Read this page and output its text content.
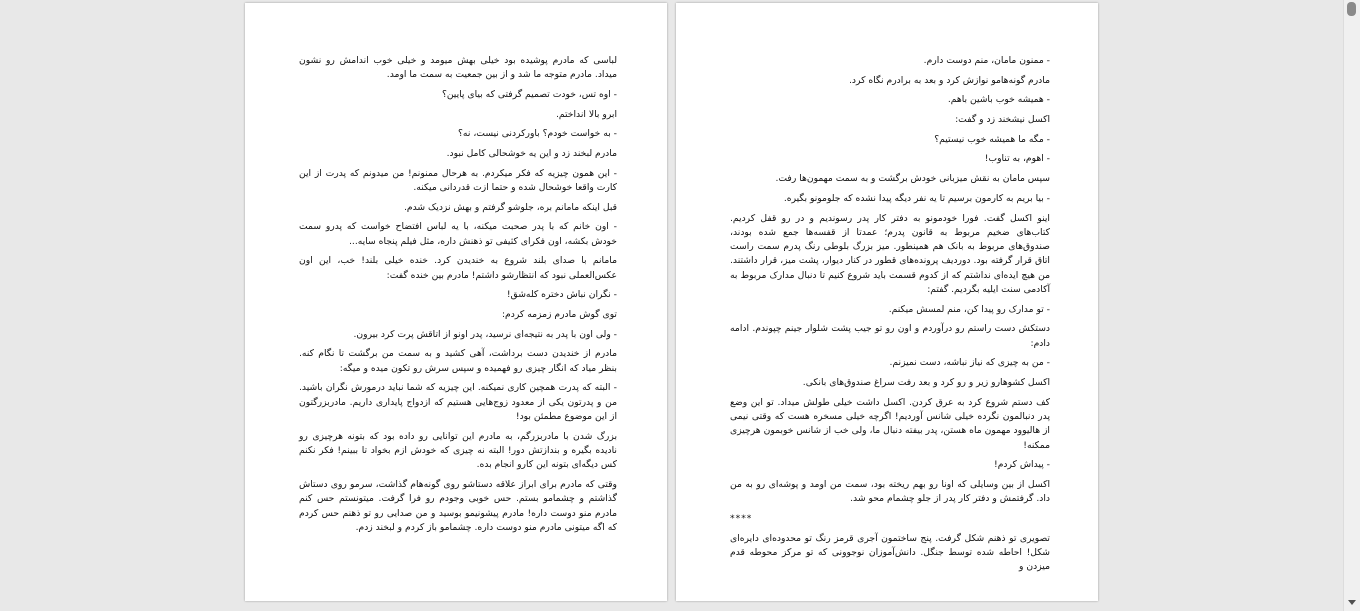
لباسی که مادرم پوشیده بود خیلی بهش میومد و خیلی خوب اندامش رو نشون میداد. مادرم متوجه ما شد و از بین جمعیت به سمت ما اومد.

- اوه تس، خودت تصمیم گرفتی که بیای پایین؟

ابرو بالا انداختم.

- به خواست خودم؟ باورکردنی نیست، نه؟

مادرم لبخند زد و این یه خوشحالی کامل نبود.

- این همون چیزیه که فکر میکردم. به هرحال ممنونم! من میدونم که پدرت از این کارت واقعا خوشحال شده و حتما ازت قدردانی میکنه.

قبل اینکه مامانم بره، جلوشو گرفتم و بهش نزدیک شدم.

- اون خانم که با پدر صحبت میکنه، با یه لباس افتضاح خواست که پدرو سمت خودش بکشه، اون فکرای کثیفی تو ذهنش داره، مثل فیلم پنجاه سایه...

مامانم با صدای بلند شروع به خندیدن کرد. خنده خیلی بلند! خب، این اون عکس‌العملی نبود که انتظارشو داشتم! مادرم بین خنده گفت:

- نگران نباش دختره کله‌شق!

توی گوش مادرم زمزمه کردم:

- ولی اون با پدر به نتیجه‌ای نرسید، پدر اونو از اتاقش پرت کرد بیرون.

مادرم از خندیدن دست برداشت، آهی کشید و به سمت من برگشت تا نگام کنه. بنظر میاد که انگار چیزی رو فهمیده و سپس سرش رو تکون میده و میگه:

- البته که پدرت همچین کاری نمیکنه. این چیزیه که شما نباید درمورش نگران باشید. من و پدرتون یکی از معدود زوج‌هایی هستیم که ازدواج پایداری داریم. مادربزرگتون از این موضوع مطمئن بود!

بزرگ شدن با مادربزرگم، به مادرم این توانایی رو داده بود که بتونه هرچیزی رو نادیده بگیره و بندازتش دور! البته نه چیزی که خودش ازم بخواد تا ببینم! فکر نکنم کس دیگه‌ای بتونه این کارو انجام بده.

وقتی که مادرم برای ابراز علاقه دستاشو روی گونه‌هام گذاشت، سرمو روی دستاش گذاشتم و چشمامو بستم. حس خوبی وجودم رو فرا گرفت. میتونستم حس کنم مادرم منو دوست داره! مادرم پیشونیمو بوسید و من صدایی رو تو ذهنم حس کردم که اگه میتونی مادرم منو دوست داره. چشمامو باز کردم و لبخند زدم.

- ممنون مامان، منم دوست دارم.

مادرم گونه‌هامو نوازش کرد و بعد به برادرم نگاه کرد.

- همیشه خوب باشین باهم.

اکسل نیشخند زد و گفت:

- مگه ما همیشه خوب نیستیم؟

- اهوم، به تناوب!

سپس مامان به نقش میزبانی خودش برگشت و به سمت مهمون‌ها رفت.

- بیا بریم به کارمون برسیم تا یه نفر دیگه پیدا نشده که جلومونو بگیره.

اینو اکسل گفت. فورا خودمونو به دفتر کار پدر رسوندیم و در رو قفل کردیم. کتاب‌های ضخیم مربوط به قانون پدرم؛ عمدتا از قفسه‌ها جمع شده بودند، صندوق‌های مربوط به بانک هم همینطور. میز بزرگ بلوطی رنگ پدرم سمت راست اتاق قرار گرفته بود. دوردیف پرونده‌های قطور در کنار دیوار، پشت میز، قرار داشتند. من هیچ ایده‌ای نداشتم که از کدوم قسمت باید شروع کنیم تا دنبال مدارک مربوط به آکادمی سنت ایلیه بگردیم. گفتم:

- تو مدارک رو پیدا کن، منم لمسش میکنم.

دستکش دست راستم رو درآوردم و اون رو تو جیب پشت شلوار جینم چپوندم. ادامه دادم:

- من به چیزی که نیاز نباشه، دست نمیزنم.

اکسل کشوهارو زیر و رو کرد و بعد رفت سراغ صندوق‌های بانکی.

کف دستم شروع کرد به عرق کردن. اکسل داشت خیلی طولش میداد. تو این وضع پدر دنبالمون نگرده خیلی شانس آوردیم! اگرچه خیلی مسخره هست که وقتی نیمی از هالیوود مهمون ماه هستن، پدر بیفته دنبال ما، ولی خب از شانس خوبمون هرچیزی ممکنه!

- پیداش کردم!

اکسل از بین وسایلی که اونا رو بهم ریخته بود، سمت من اومد و پوشه‌ای رو به من داد. گرفتمش و دفتر کار پدر از جلو چشمام محو شد.

****

تصویری تو ذهنم شکل گرفت. پنج ساختمون آجری قرمز رنگ تو محدوده‌ای دایره‌ای شکل! احاطه شده توسط جنگل. دانش‌آموزان نوجوونی که تو مرکز محوطه قدم میزدن و
